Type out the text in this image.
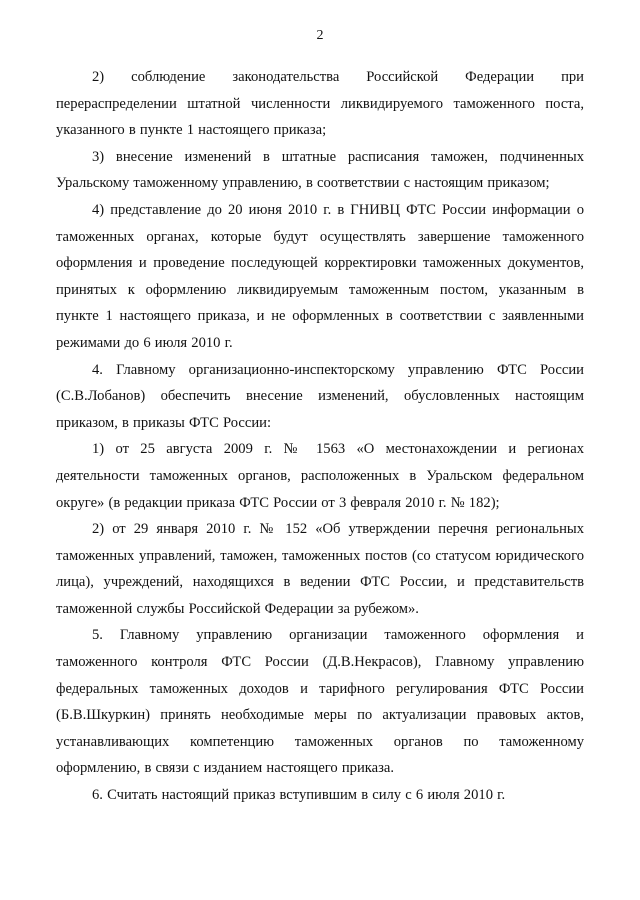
2

2) соблюдение законодательства Российской Федерации при перераспределении штатной численности ликвидируемого таможенного поста, указанного в пункте 1 настоящего приказа;

3) внесение изменений в штатные расписания таможен, подчиненных Уральскому таможенному управлению, в соответствии с настоящим приказом;

4) представление до 20 июня 2010 г. в ГНИВЦ ФТС России информации о таможенных органах, которые будут осуществлять завершение таможенного оформления и проведение последующей корректировки таможенных документов, принятых к оформлению ликвидируемым таможенным постом, указанным в пункте 1 настоящего приказа, и не оформленных в соответствии с заявленными режимами до 6 июля 2010 г.

4. Главному организационно-инспекторскому управлению ФТС России (С.В.Лобанов) обеспечить внесение изменений, обусловленных настоящим приказом, в приказы ФТС России:

1) от 25 августа 2009 г. № 1563 «О местонахождении и регионах деятельности таможенных органов, расположенных в Уральском федеральном округе» (в редакции приказа ФТС России от 3 февраля 2010 г. № 182);

2) от 29 января 2010 г. № 152 «Об утверждении перечня региональных таможенных управлений, таможен, таможенных постов (со статусом юридического лица), учреждений, находящихся в ведении ФТС России, и представительств таможенной службы Российской Федерации за рубежом».

5. Главному управлению организации таможенного оформления и таможенного контроля ФТС России (Д.В.Некрасов), Главному управлению федеральных таможенных доходов и тарифного регулирования ФТС России (Б.В.Шкуркин) принять необходимые меры по актуализации правовых актов, устанавливающих компетенцию таможенных органов по таможенному оформлению, в связи с изданием настоящего приказа.

6. Считать настоящий приказ вступившим в силу с 6 июля 2010 г.
